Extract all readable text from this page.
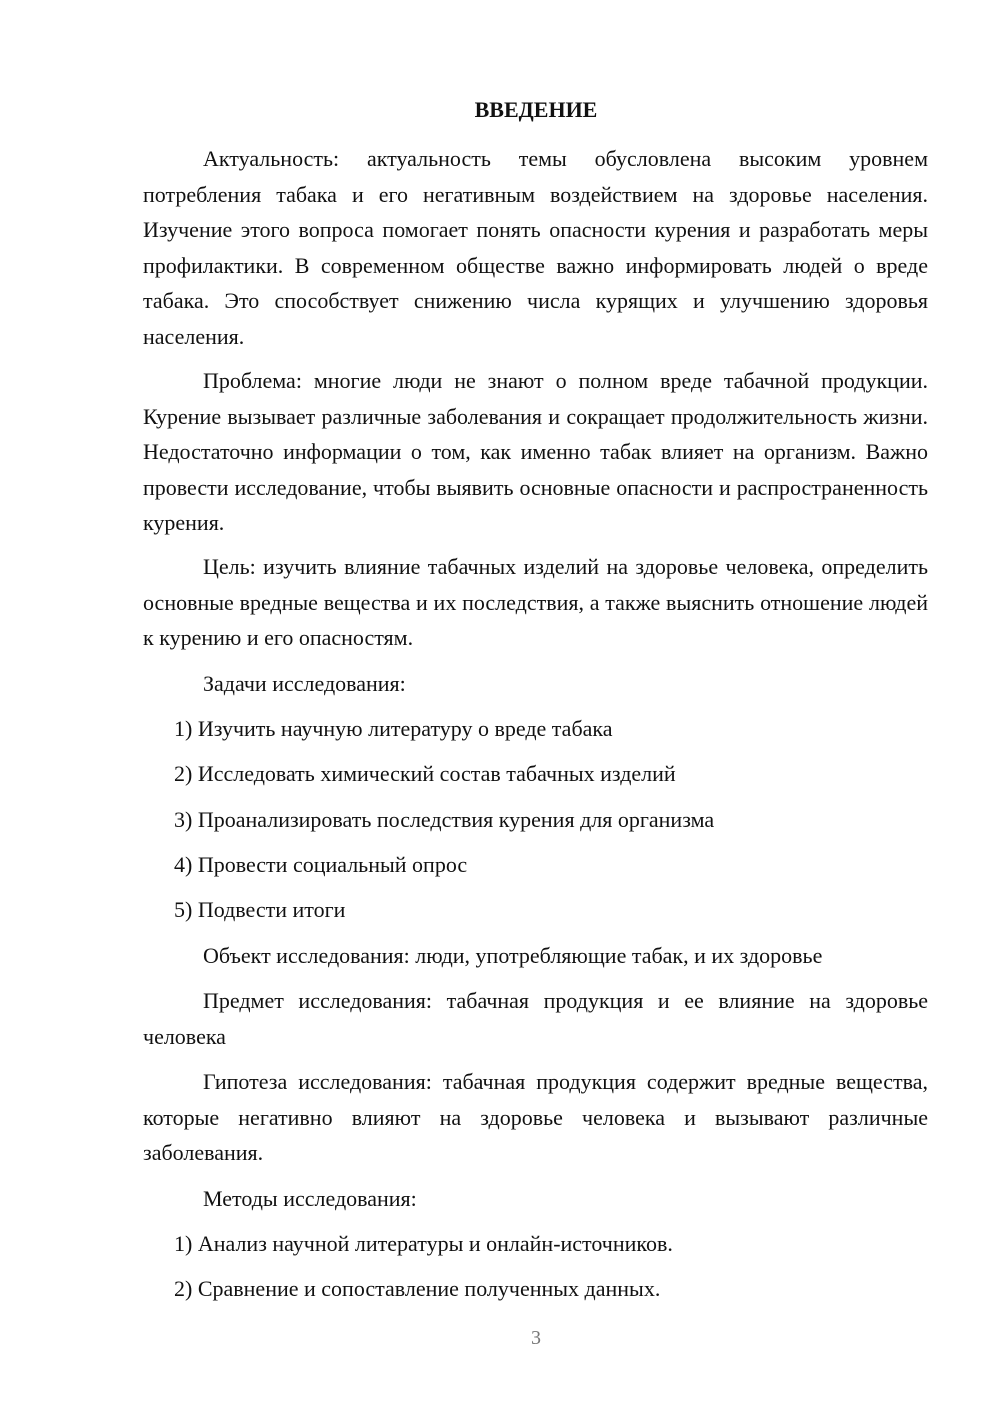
ВВЕДЕНИЕ

Актуальность: актуальность темы обусловлена высоким уровнем потребления табака и его негативным воздействием на здоровье населения. Изучение этого вопроса помогает понять опасности курения и разработать меры профилактики. В современном обществе важно информировать людей о вреде табака. Это способствует снижению числа курящих и улучшению здоровья населения.

Проблема: многие люди не знают о полном вреде табачной продукции. Курение вызывает различные заболевания и сокращает продолжительность жизни. Недостаточно информации о том, как именно табак влияет на организм. Важно провести исследование, чтобы выявить основные опасности и распространенность курения.

Цель: изучить влияние табачных изделий на здоровье человека, определить основные вредные вещества и их последствия, а также выяснить отношение людей к курению и его опасностям.

Задачи исследования:
1) Изучить научную литературу о вреде табака
2) Исследовать химический состав табачных изделий
3) Проанализировать последствия курения для организма
4) Провести социальный опрос
5) Подвести итоги
Объект исследования: люди, употребляющие табак, и их здоровье

Предмет исследования: табачная продукция и ее влияние на здоровье человека

Гипотеза исследования: табачная продукция содержит вредные вещества, которые негативно влияют на здоровье человека и вызывают различные заболевания.

Методы исследования:
1) Анализ научной литературы и онлайн-источников.
2) Сравнение и сопоставление полученных данных.
3
